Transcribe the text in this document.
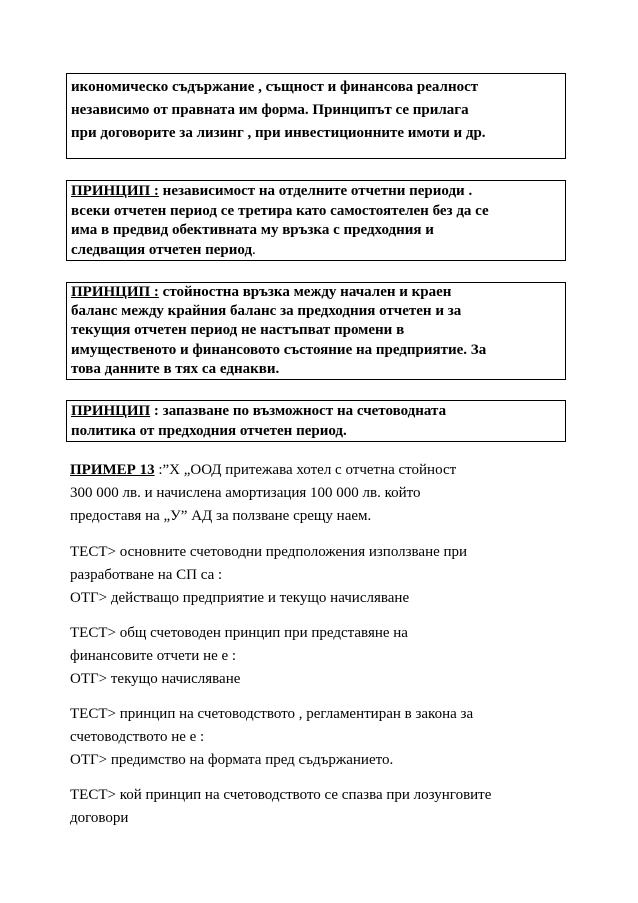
икономическо съдържание , същност и финансова реалност
независимо от правната им форма. Принципът се прилага
при договорите за лизинг , при инвестиционните имоти и др.
ПРИНЦИП : независимост на отделните отчетни периоди .
всеки отчетен период се третира като самостоятелен без да се
има в предвид обективната му връзка с предходния и
следващия отчетен период.
ПРИНЦИП : стойностна връзка между начален и краен
баланс между крайния баланс за предходния отчетен и за
текущия отчетен период не настъпват промени в
имущественото и финансовото състояние на предприятие. За
това данните в тях са еднакви.
ПРИНЦИП : запазване по възможност на счетоводната
политика от предходния отчетен период.
ПРИМЕР 13 :”Х „ООД притежава хотел с отчетна стойност
300 000 лв. и начислена амортизация 100 000 лв. който
предоставя на „У” АД за ползване срещу наем.
ТЕСТ> основните счетоводни предположения използване при
разработване на СП са :
ОТГ> действащо предприятие и текущо начисляване
ТЕСТ> общ счетоводен принцип при представяне на
финансовите отчети не е :
ОТГ> текущо начисляване
ТЕСТ> принцип на счетоводството , регламентиран в закона за
счетоводството не е :
ОТГ> предимство на формата пред съдържанието.
ТЕСТ> кой принцип на счетоводството се спазва при лозунговите
договори
